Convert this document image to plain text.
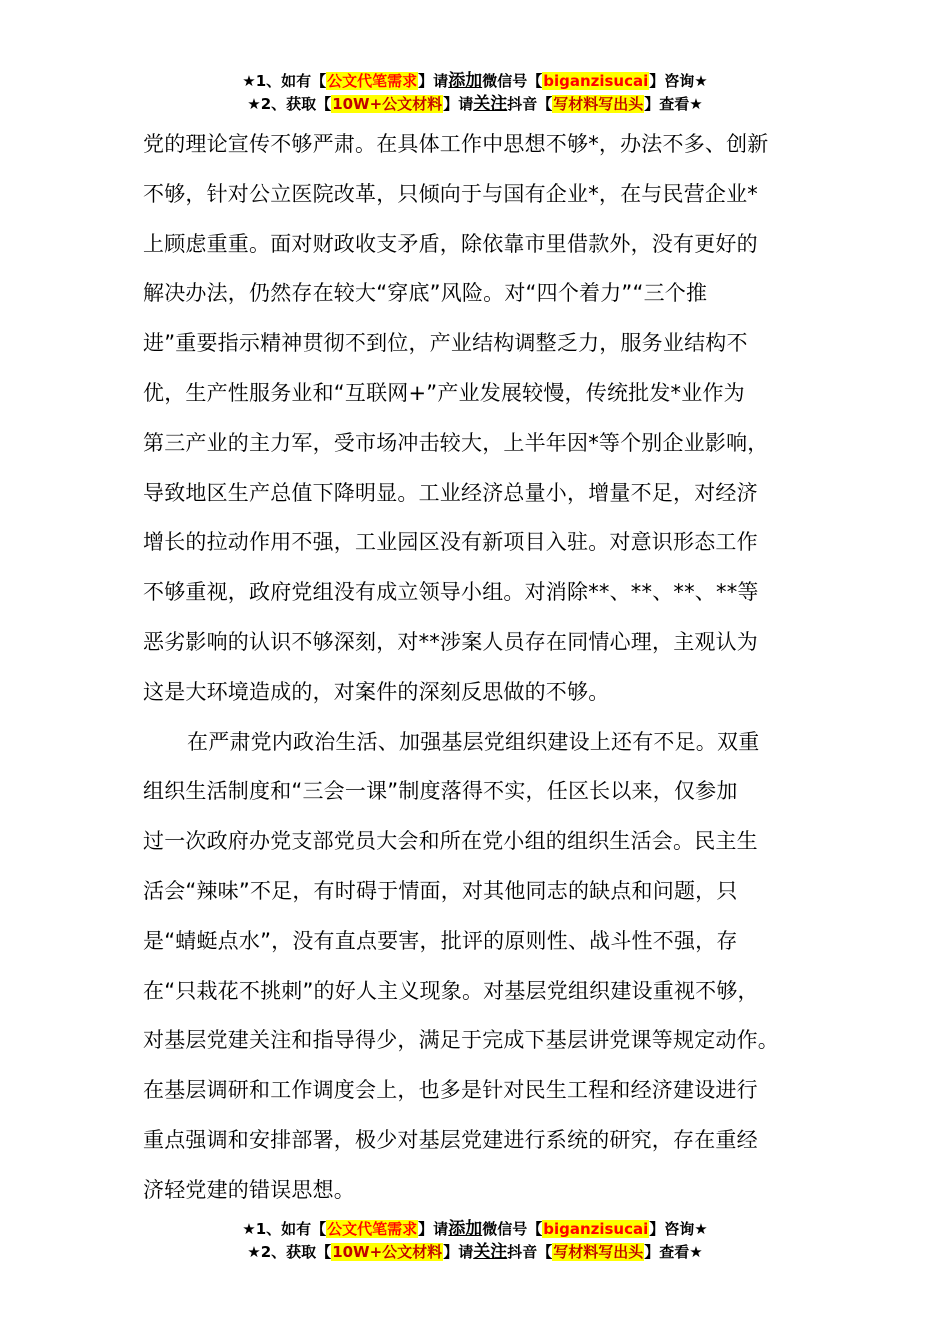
★1、如有【公文代笔需求】请添加微信号【biganzisucai】咨询★
★2、获取【10W+公文材料】请关注抖音【写材料写出头】查看★
党的理论宣传不够严肃。在具体工作中思想不够*，办法不多、创新
不够，针对公立医院改革，只倾向于与国有企业*，在与民营企业*
上顾虑重重。面对财政收支矛盾，除依靠市里借款外，没有更好的
解决办法，仍然存在较大“穿底”风险。对“四个着力”“三个推
进”重要指示精神贯彻不到位，产业结构调整乏力，服务业结构不
优，生产性服务业和“互联网+”产业发展较慢，传统批发*业作为
第三产业的主力军，受市场冲击较大，上半年因*等个别企业影响，
导致地区生产总值下降明显。工业经济总量小，增量不足，对经济
增长的拉动作用不强，工业园区没有新项目入驻。对意识形态工作
不够重视，政府党组没有成立领导小组。对消除**、**、**、**等
恶劣影响的认识不够深刻，对**涉案人员存在同情心理，主观认为
这是大环境造成的，对案件的深刻反思做的不够。
在严肃党内政治生活、加强基层党组织建设上还有不足。双重
组织生活制度和“三会一课”制度落得不实，任区长以来，仅参加
过一次政府办党支部党员大会和所在党小组的组织生活会。民主生
活会“辣味”不足，有时碍于情面，对其他同志的缺点和问题，只
是“蜻蜓点水”，没有直点要害，批评的原则性、战斗性不强，存
在“只栽花不挑刺”的好人主义现象。对基层党组织建设重视不够，
对基层党建关注和指导得少，满足于完成下基层讲党课等规定动作。
在基层调研和工作调度会上，也多是针对民生工程和经济建设进行
重点强调和安排部署，极少对基层党建进行系统的研究，存在重经
济轻党建的错误思想。
★1、如有【公文代笔需求】请添加微信号【biganzisucai】咨询★
★2、获取【10W+公文材料】请关注抖音【写材料写出头】查看★
